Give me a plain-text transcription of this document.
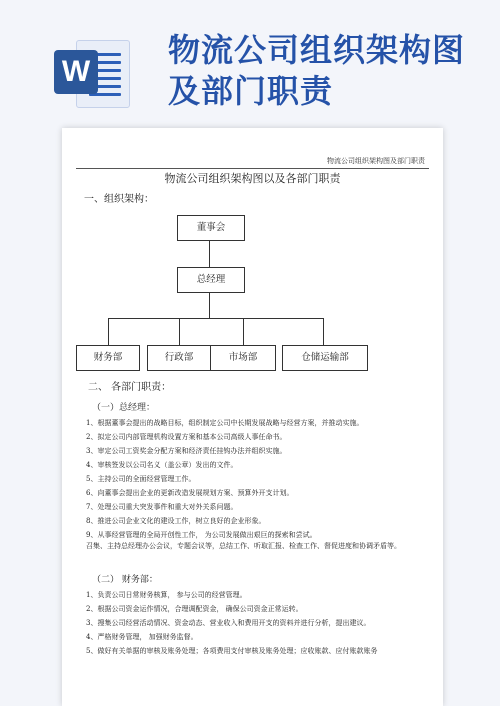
W
物流公司组织架构图及部门职责
物流公司组织架构图及部门职责
物流公司组织架构图以及各部门职责
一、组织架构：
董事会
总经理
财务部	行政部	市场部	仓储运输部
二、 各部门职责：
（一）总经理：
1、根据董事会提出的战略目标，组织制定公司中长期发展战略与经营方案，并推动实施。
2、拟定公司内部管理机构设置方案和基本公司高级人事任命书。
3、审定公司工资奖金分配方案和经济责任挂钩办法并组织实施。
4、审核签发以公司名义（盖公章）发出的文件。
5、主持公司的全面经营管理工作。
6、向董事会提出企业的更新改造发展规划方案、预算外开支计划。
7、处理公司重大突发事件和重大对外关系问题。
8、推进公司企业文化的建设工作，树立良好的企业形象。
9、从事经营管理的全局开创性工作， 为公司发展做出艰巨的探索和尝试。
召集、主持总经理办公会议，专题会议等，总结工作、听取汇报、检查工作、督促进度和协调矛盾等。
（二） 财务部：
1、负责公司日常财务核算， 参与公司的经营管理。
2、根据公司资金运作情况，合理调配资金， 确保公司资金正常运转。
3、搜集公司经营活动情况、资金动态、营业收入和费用开支的资料并进行分析，提出建议。
4、严格财务管理， 加强财务监督。
5、做好有关单据的审核及账务处理；各项费用支付审核及账务处理；应收账款、应付账款账务
